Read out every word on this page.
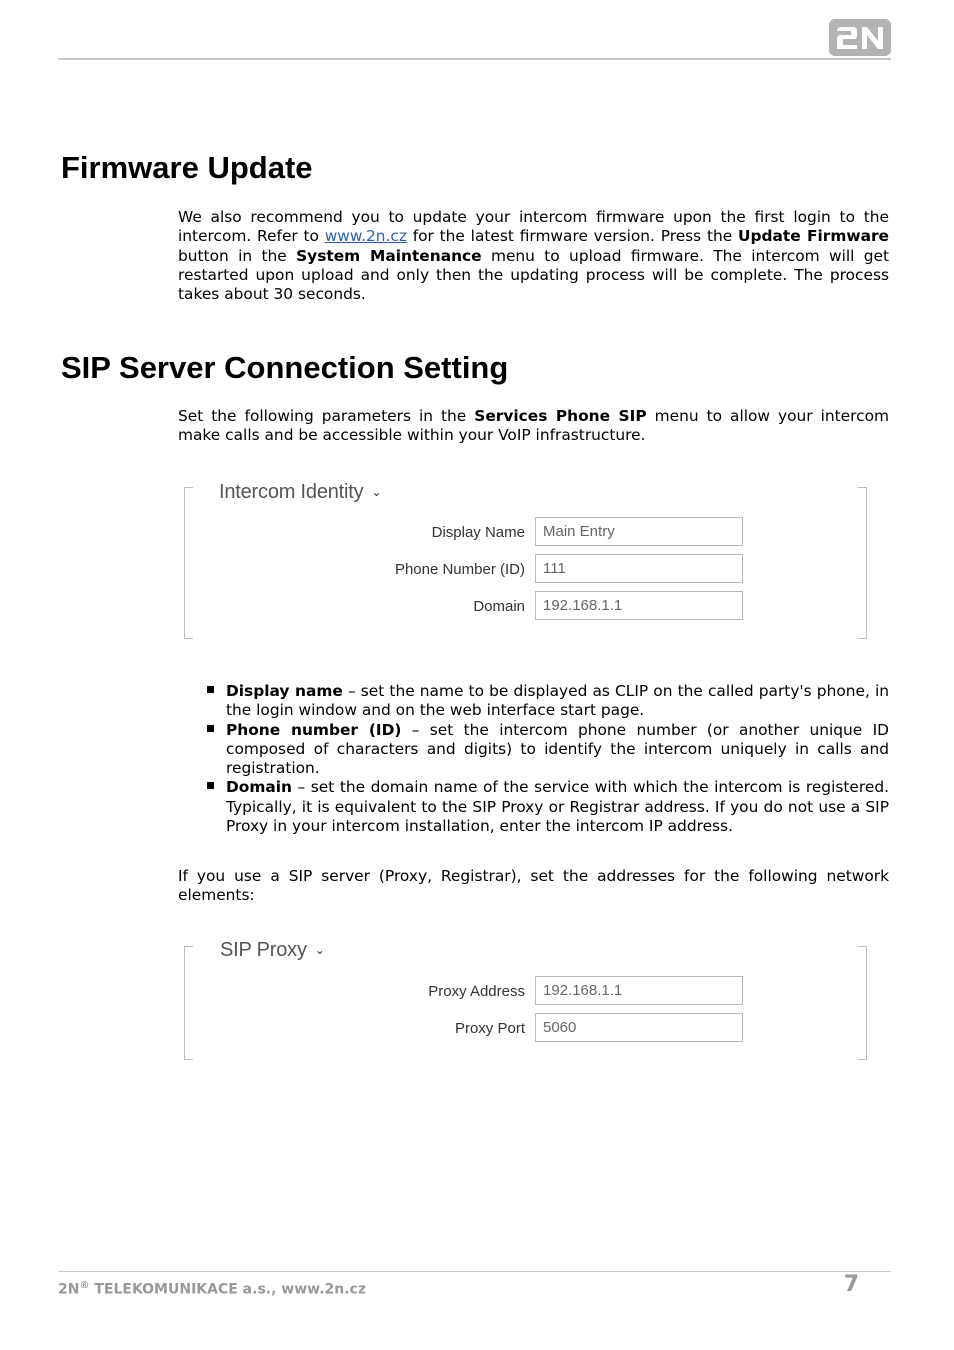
Firmware Update

We also recommend you to update your intercom firmware upon the first login to the intercom. Refer to www.2n.cz for the latest firmware version. Press the Update Firmware button in the System Maintenance menu to upload firmware. The intercom will get restarted upon upload and only then the updating process will be complete. The process takes about 30 seconds.

SIP Server Connection Setting

Set the following parameters in the Services Phone SIP menu to allow your intercom make calls and be accessible within your VoIP infrastructure.

Intercom Identity ⌄
Display Name
Main Entry
Phone Number (ID)
111
Domain
192.168.1.1
Display name – set the name to be displayed as CLIP on the called party's phone, in the login window and on the web interface start page.
Phone number (ID) – set the intercom phone number (or another unique ID composed of characters and digits) to identify the intercom uniquely in calls and registration.
Domain – set the domain name of the service with which the intercom is registered. Typically, it is equivalent to the SIP Proxy or Registrar address. If you do not use a SIP Proxy in your intercom installation, enter the intercom IP address.

If you use a SIP server (Proxy, Registrar), set the addresses for the following network elements:

SIP Proxy ⌄
Proxy Address
192.168.1.1
Proxy Port
5060
2N® TELEKOMUNIKACE a.s., www.2n.cz	7
